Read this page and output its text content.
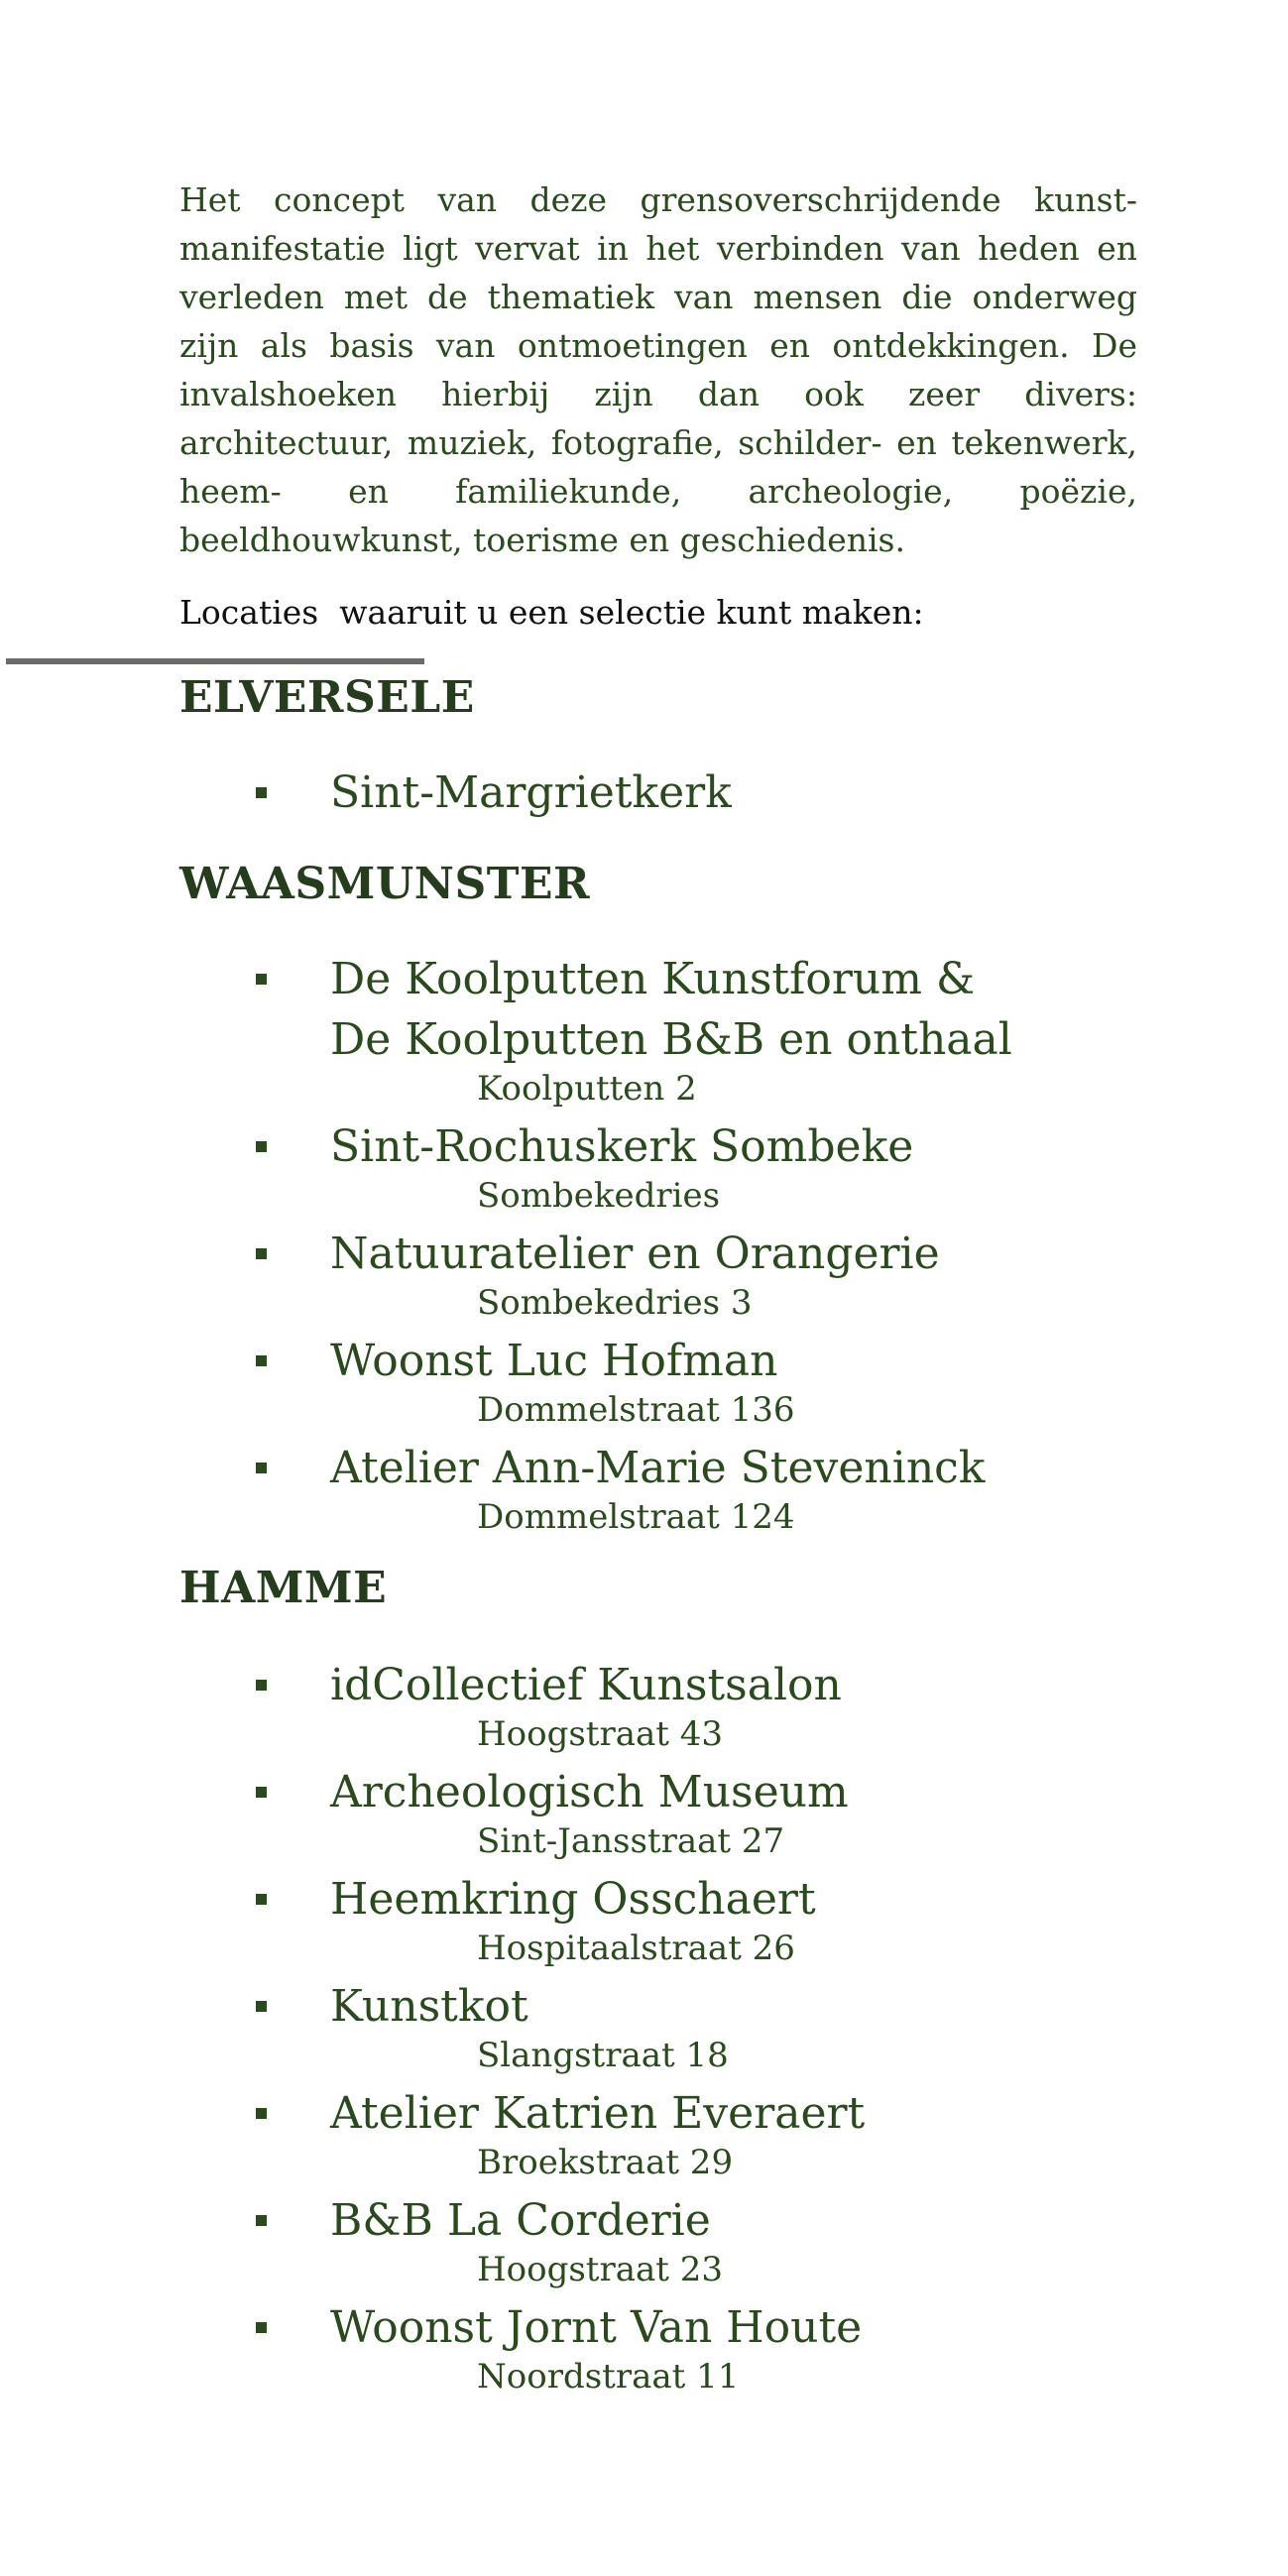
Het concept van deze grensoverschrijdende kunstmanifestatie ligt vervat in het verbinden van heden en verleden met de thematiek van mensen die onderweg zijn als basis van ontmoetingen en ontdekkingen. De invalshoeken hierbij zijn dan ook zeer divers: architectuur, muziek, fotografie, schilder- en tekenwerk, heem- en familiekunde, archeologie, poëzie, beeldhouwkunst, toerisme en geschiedenis.

Locaties  waaruit u een selectie kunt maken:

ELVERSELE
Sint-Margrietkerk
WAASMUNSTER
De Koolputten Kunstforum &
De Koolputten B&B en onthaal
Koolputten 2
Sint-Rochuskerk Sombeke
Sombekedries
Natuuratelier en Orangerie
Sombekedries 3
Woonst Luc Hofman
Dommelstraat 136
Atelier Ann-Marie Steveninck
Dommelstraat 124
HAMME
idCollectief Kunstsalon
Hoogstraat 43
Archeologisch Museum
Sint-Jansstraat 27
Heemkring Osschaert
Hospitaalstraat 26
Kunstkot
Slangstraat 18
Atelier Katrien Everaert
Broekstraat 29
B&B La Corderie
Hoogstraat 23
Woonst Jornt Van Houte
Noordstraat 11
